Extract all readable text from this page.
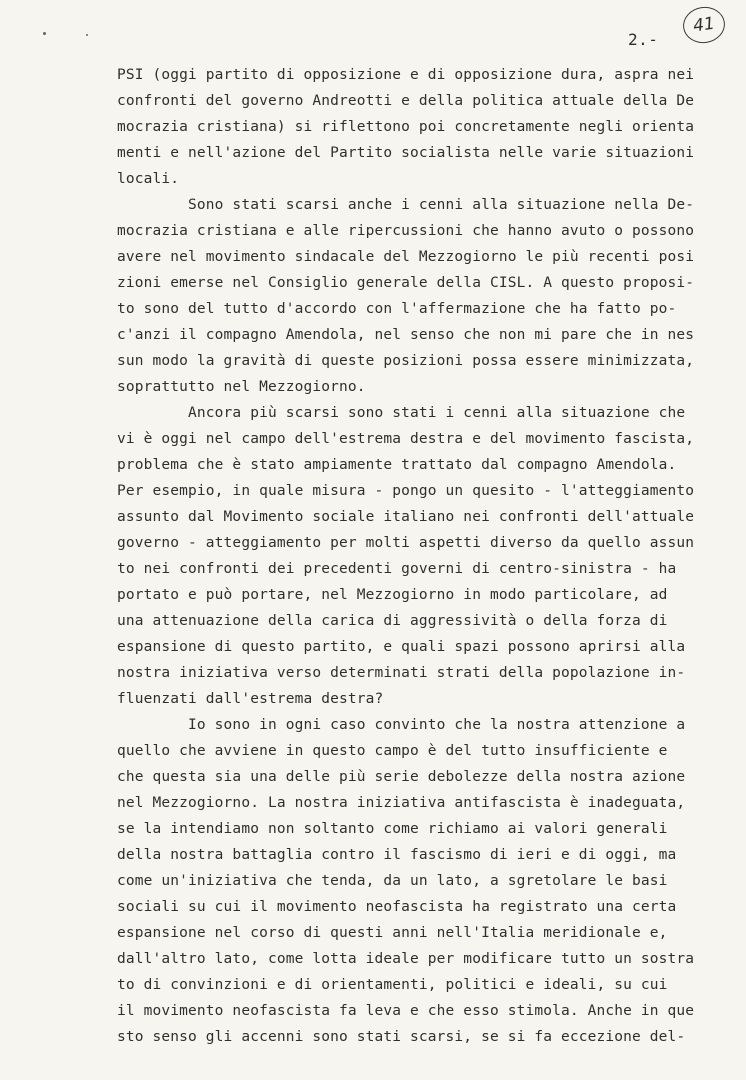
2.-
41
PSI (oggi partito di opposizione e di opposizione dura, aspra nei
confronti del governo Andreotti e della politica attuale della De
mocrazia cristiana) si riflettono poi concretamente negli orienta
menti e nell'azione del Partito socialista nelle varie situazioni
locali.
Sono stati scarsi anche i cenni alla situazione nella De-
mocrazia cristiana e alle ripercussioni che hanno avuto o possono
avere nel movimento sindacale del Mezzogiorno le più recenti posi
zioni emerse nel Consiglio generale della CISL. A questo proposi-
to sono del tutto d'accordo con l'affermazione che ha fatto po-
c'anzi il compagno Amendola, nel senso che non mi pare che in nes
sun modo la gravità di queste posizioni possa essere minimizzata,
soprattutto nel Mezzogiorno.
Ancora più scarsi sono stati i cenni alla situazione che
vi è oggi nel campo dell'estrema destra e del movimento fascista,
problema che è stato ampiamente trattato dal compagno Amendola.
Per esempio, in quale misura - pongo un quesito - l'atteggiamento
assunto dal Movimento sociale italiano nei confronti dell'attuale
governo - atteggiamento per molti aspetti diverso da quello assun
to nei confronti dei precedenti governi di centro-sinistra - ha
portato e può portare, nel Mezzogiorno in modo particolare, ad
una attenuazione della carica di aggressività o della forza di
espansione di questo partito, e quali spazi possono aprirsi alla
nostra iniziativa verso determinati strati della popolazione in-
fluenzati dall'estrema destra?
Io sono in ogni caso convinto che la nostra attenzione a
quello che avviene in questo campo è del tutto insufficiente e
che questa sia una delle più serie debolezze della nostra azione
nel Mezzogiorno. La nostra iniziativa antifascista è inadeguata,
se la intendiamo non soltanto come richiamo ai valori generali
della nostra battaglia contro il fascismo di ieri e di oggi, ma
come un'iniziativa che tenda, da un lato, a sgretolare le basi
sociali su cui il movimento neofascista ha registrato una certa
espansione nel corso di questi anni nell'Italia meridionale e,
dall'altro lato, come lotta ideale per modificare tutto un sostra
to di convinzioni e di orientamenti, politici e ideali, su cui
il movimento neofascista fa leva e che esso stimola. Anche in que
sto senso gli accenni sono stati scarsi, se si fa eccezione del-
